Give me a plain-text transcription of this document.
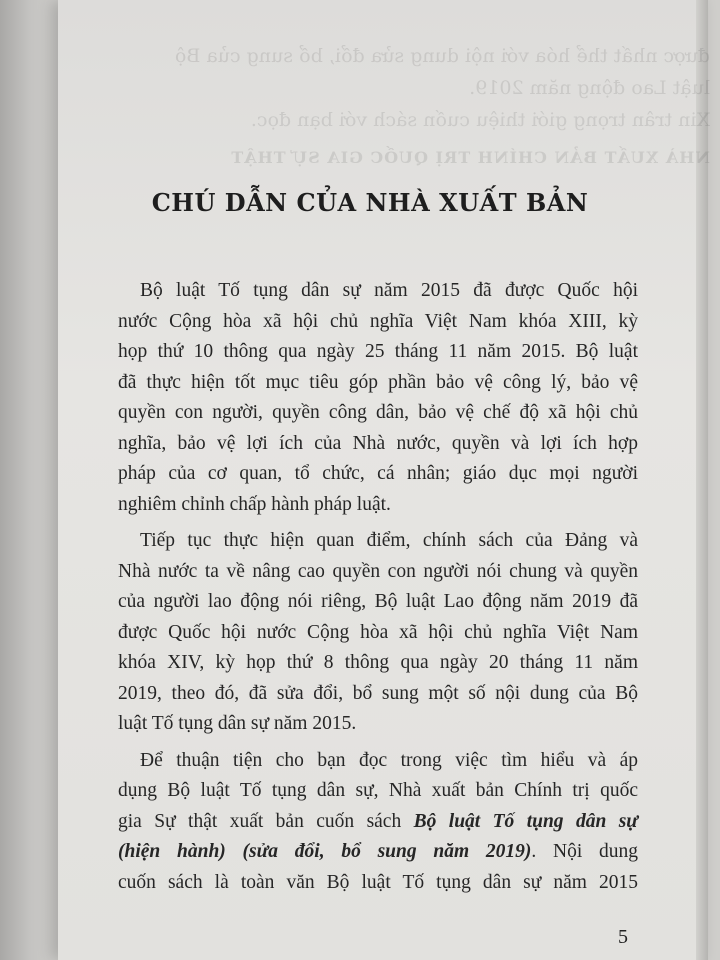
được nhất thể hóa với nội dung sửa đổi, bổ sung của Bộ
luật Lao động năm 2019.
Xin trân trọng giới thiệu cuốn sách với bạn đọc.
NHÀ XUẤT BẢN CHÍNH TRỊ QUỐC GIA SỰ THẬT
CHÚ DẪN CỦA NHÀ XUẤT BẢN
Bộ luật Tố tụng dân sự năm 2015 đã được Quốc hội
nước Cộng hòa xã hội chủ nghĩa Việt Nam khóa XIII, kỳ
họp thứ 10 thông qua ngày 25 tháng 11 năm 2015. Bộ luật
đã thực hiện tốt mục tiêu góp phần bảo vệ công lý, bảo vệ
quyền con người, quyền công dân, bảo vệ chế độ xã hội chủ
nghĩa, bảo vệ lợi ích của Nhà nước, quyền và lợi ích hợp
pháp của cơ quan, tổ chức, cá nhân; giáo dục mọi người
nghiêm chỉnh chấp hành pháp luật.
Tiếp tục thực hiện quan điểm, chính sách của Đảng và
Nhà nước ta về nâng cao quyền con người nói chung và quyền
của người lao động nói riêng, Bộ luật Lao động năm 2019 đã
được Quốc hội nước Cộng hòa xã hội chủ nghĩa Việt Nam
khóa XIV, kỳ họp thứ 8 thông qua ngày 20 tháng 11 năm
2019, theo đó, đã sửa đổi, bổ sung một số nội dung của Bộ
luật Tố tụng dân sự năm 2015.
Để thuận tiện cho bạn đọc trong việc tìm hiểu và áp
dụng Bộ luật Tố tụng dân sự, Nhà xuất bản Chính trị quốc
gia Sự thật xuất bản cuốn sách Bộ luật Tố tụng dân sự
(hiện hành) (sửa đổi, bổ sung năm 2019). Nội dung
cuốn sách là toàn văn Bộ luật Tố tụng dân sự năm 2015
5
